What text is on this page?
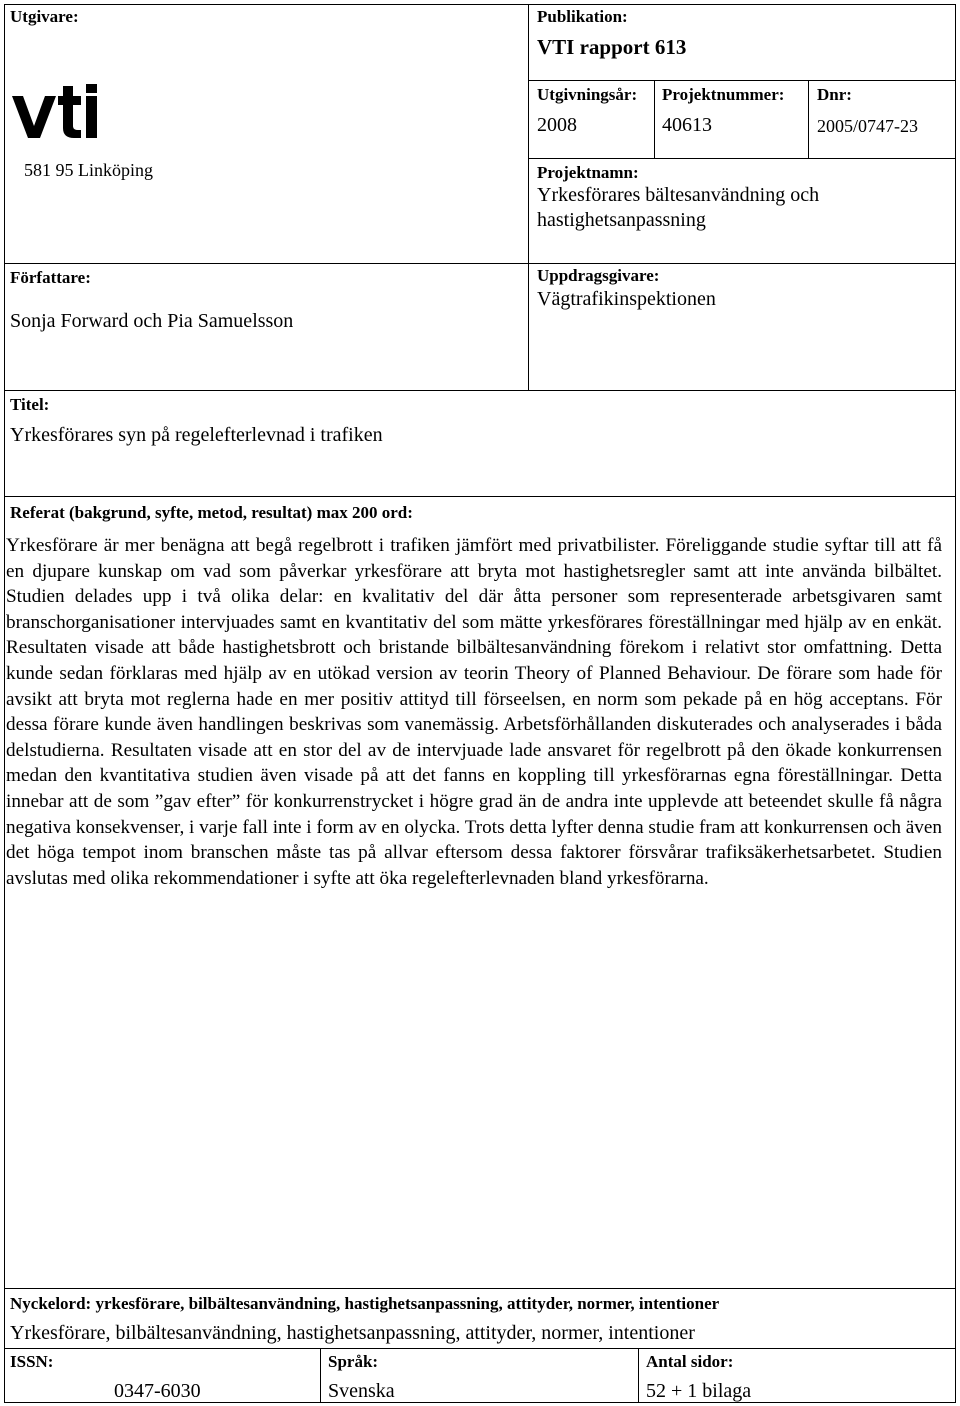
Utgivare:
581 95 Linköping
Publikation:
VTI rapport 613
Utgivningsår:
2008
Projektnummer:
40613
Dnr:
2005/0747-23
Projektnamn:
Yrkesförares bältesanvändning och
hastighetsanpassning
Författare:
Sonja Forward och Pia Samuelsson
Uppdragsgivare:
Vägtrafikinspektionen
Titel:
Yrkesförares syn på regelefterlevnad i trafiken
Referat (bakgrund, syfte, metod, resultat) max 200 ord:

Yrkesförare är mer benägna att begå regelbrott i trafiken jämfört med privatbilister. Föreliggande studie syftar till att få en djupare kunskap om vad som påverkar yrkesförare att bryta mot hastighetsregler samt att inte använda bilbältet. Studien delades upp i två olika delar: en kvalitativ del där åtta personer som representerade arbetsgivaren samt branschorganisationer intervjuades samt en kvantitativ del som mätte yrkesförares föreställningar med hjälp av en enkät. Resultaten visade att både hastighetsbrott och bristande bilbältesanvändning förekom i relativt stor omfattning. Detta kunde sedan förklaras med hjälp av en utökad version av teorin Theory of Planned Behaviour. De förare som hade för avsikt att bryta mot reglerna hade en mer positiv attityd till förseelsen, en norm som pekade på en hög acceptans. För dessa förare kunde även handlingen beskrivas som vanemässig. Arbetsförhållanden diskuterades och analyserades i båda delstudierna. Resultaten visade att en stor del av de intervjuade lade ansvaret för regelbrott på den ökade konkurrensen medan den kvantitativa studien även visade på att det fanns en koppling till yrkesförarnas egna föreställningar. Detta innebar att de som ”gav efter” för konkurrenstrycket i högre grad än de andra inte upplevde att beteendet skulle få några negativa konsekvenser, i varje fall inte i form av en olycka. Trots detta lyfter denna studie fram att konkurrensen och även det höga tempot inom branschen måste tas på allvar eftersom dessa faktorer försvårar trafiksäkerhetsarbetet. Studien avslutas med olika rekommendationer i syfte att öka regelefterlevnaden bland yrkesförarna.

Nyckelord: yrkesförare, bilbältesanvändning, hastighetsanpassning, attityder, normer, intentioner
Yrkesförare, bilbältesanvändning, hastighetsanpassning, attityder, normer, intentioner
ISSN:
0347-6030
Språk:
Svenska
Antal sidor:
52 + 1 bilaga
